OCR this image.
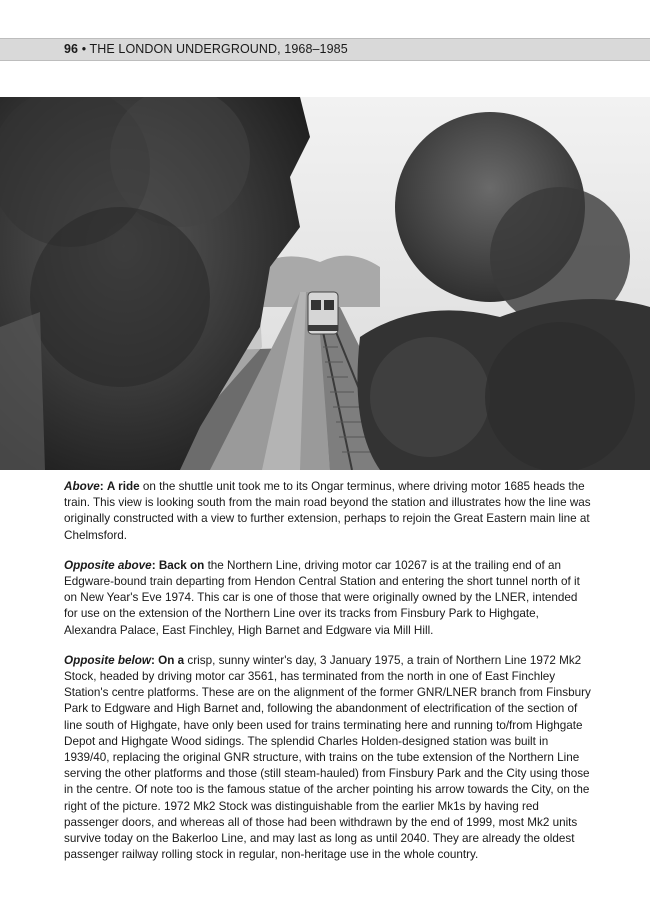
96 • THE LONDON UNDERGROUND, 1968–1985

Above: A ride on the shuttle unit took me to its Ongar terminus, where driving motor 1685 heads the train. This view is looking south from the main road beyond the station and illustrates how the line was originally constructed with a view to further extension, perhaps to rejoin the Great Eastern main line at Chelmsford.

Opposite above: Back on the Northern Line, driving motor car 10267 is at the trailing end of an Edgware-bound train departing from Hendon Central Station and entering the short tunnel north of it on New Year's Eve 1974. This car is one of those that were originally owned by the LNER, intended for use on the extension of the Northern Line over its tracks from Finsbury Park to Highgate, Alexandra Palace, East Finchley, High Barnet and Edgware via Mill Hill.

Opposite below: On a crisp, sunny winter's day, 3 January 1975, a train of Northern Line 1972 Mk2 Stock, headed by driving motor car 3561, has terminated from the north in one of East Finchley Station's centre platforms. These are on the alignment of the former GNR/LNER branch from Finsbury Park to Edgware and High Barnet and, following the abandonment of electrification of the section of line south of Highgate, have only been used for trains terminating here and running to/from Highgate Depot and Highgate Wood sidings. The splendid Charles Holden-designed station was built in 1939/40, replacing the original GNR structure, with trains on the tube extension of the Northern Line serving the other platforms and those (still steam-hauled) from Finsbury Park and the City using those in the centre. Of note too is the famous statue of the archer pointing his arrow towards the City, on the right of the picture. 1972 Mk2 Stock was distinguishable from the earlier Mk1s by having red passenger doors, and whereas all of those had been withdrawn by the end of 1999, most Mk2 units survive today on the Bakerloo Line, and may last as long as until 2040. They are already the oldest passenger railway rolling stock in regular, non-heritage use in the whole country.
